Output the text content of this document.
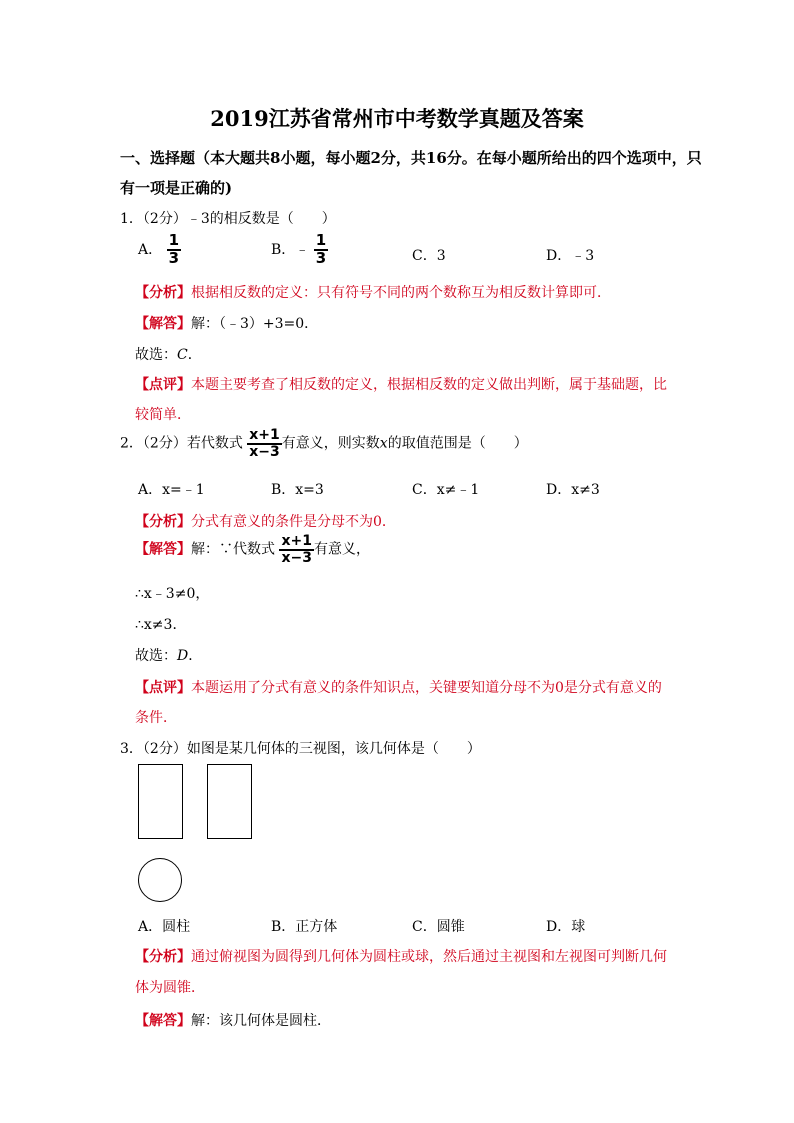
2019江苏省常州市中考数学真题及答案
一、选择题（本大题共8小题，每小题2分，共16分。在每小题所给出的四个选项中，只
有一项是正确的)
1．（2分）﹣3的相反数是（　　）
A． $\frac{1}{3}$	B．﹣ $\frac{1}{3}$	C．3	D．﹣3
【分析】根据相反数的定义：只有符号不同的两个数称互为相反数计算即可．
【解答】解：（﹣3）+3=0．
故选：C．
【点评】本题主要考查了相反数的定义，根据相反数的定义做出判断，属于基础题，比
较简单．
2．（2分）若代数式 $\frac{x+1}{x-3}$ 有意义，则实数x的取值范围是（　　）
A．x=﹣1	B．x=3	C．x≠﹣1	D．x≠3
【分析】分式有意义的条件是分母不为0．
【解答】解：∵代数式 $\frac{x+1}{x-3}$ 有意义，
∴x﹣3≠0，
∴x≠3．
故选：D．
【点评】本题运用了分式有意义的条件知识点，关键要知道分母不为0是分式有意义的
条件．
3．（2分）如图是某几何体的三视图，该几何体是（　　）
A．圆柱	B．正方体	C．圆锥	D．球
【分析】通过俯视图为圆得到几何体为圆柱或球，然后通过主视图和左视图可判断几何
体为圆锥．
【解答】解：该几何体是圆柱．
